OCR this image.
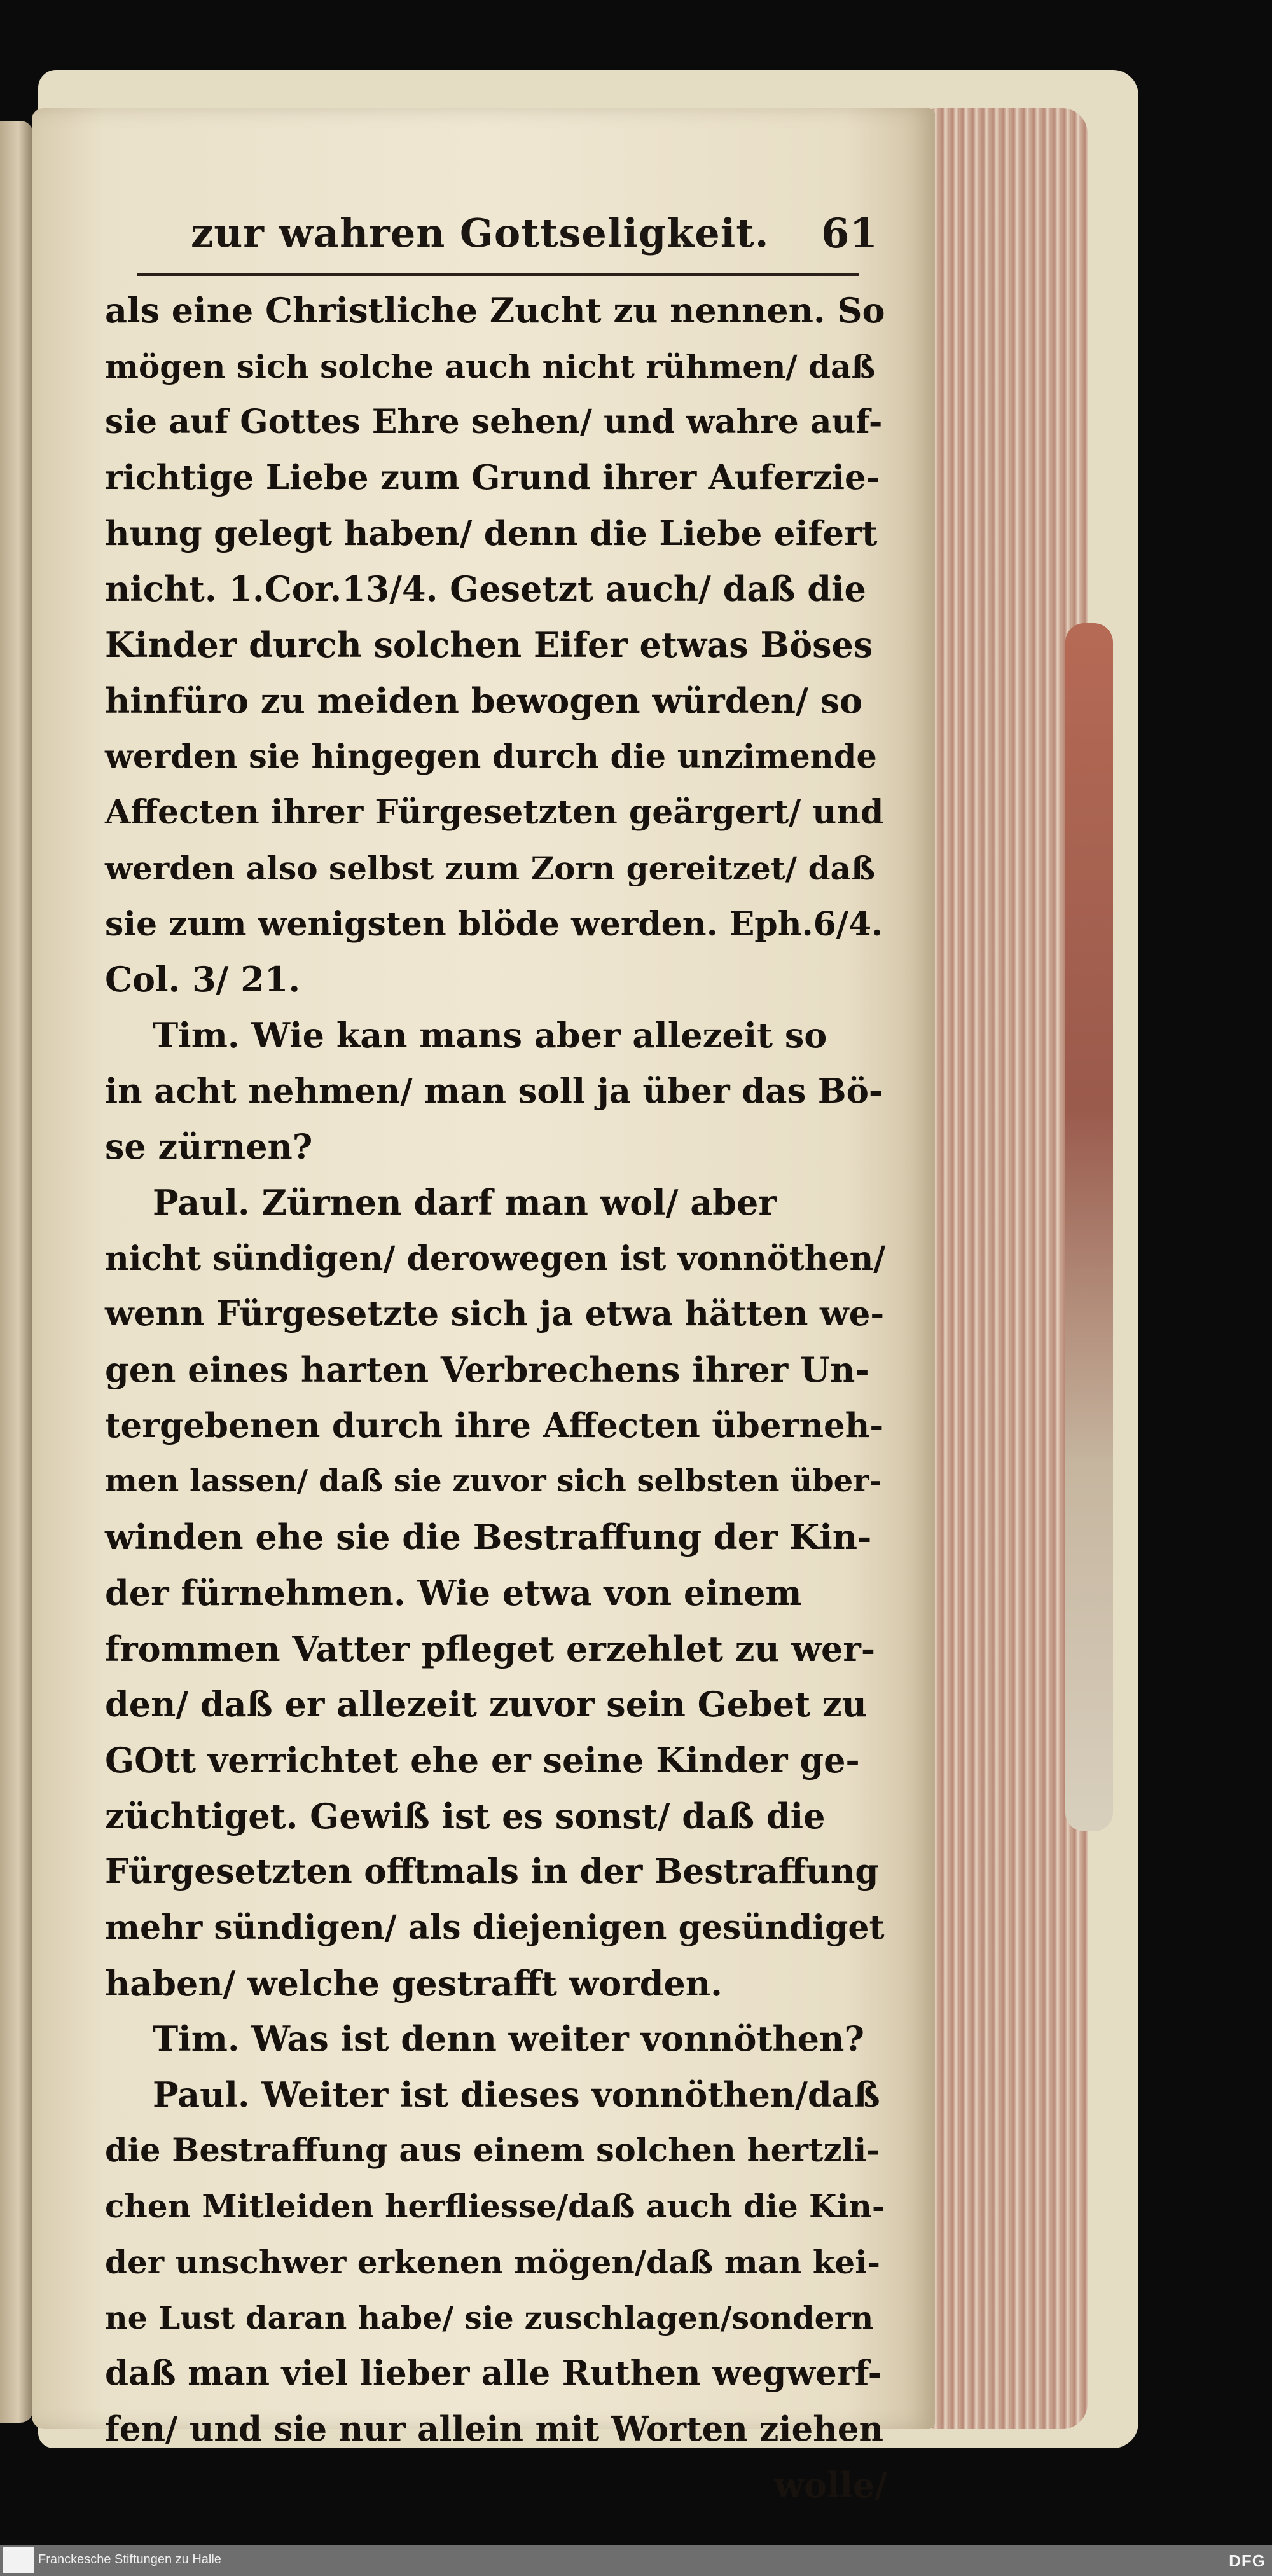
zur wahren Gottseligkeit. 61
als eine Christliche Zucht zu nennen. So
mögen sich solche auch nicht rühmen/ daß
sie auf Gottes Ehre sehen/ und wahre auf-
richtige Liebe zum Grund ihrer Auferzie-
hung gelegt haben/ denn die Liebe eifert
nicht. 1.Cor.13/4. Gesetzt auch/ daß die
Kinder durch solchen Eifer etwas Böses
hinfüro zu meiden bewogen würden/ so
werden sie hingegen durch die unzimende
Affecten ihrer Fürgesetzten geärgert/ und
werden also selbst zum Zorn gereitzet/ daß
sie zum wenigsten blöde werden. Eph.6/4.
Col. 3/ 21.
Tim. Wie kan mans aber allezeit so
in acht nehmen/ man soll ja über das Bö-
se zürnen?
Paul. Zürnen darf man wol/ aber
nicht sündigen/ derowegen ist vonnöthen/
wenn Fürgesetzte sich ja etwa hätten we-
gen eines harten Verbrechens ihrer Un-
tergebenen durch ihre Affecten überneh-
men lassen/ daß sie zuvor sich selbsten über-
winden ehe sie die Bestraffung der Kin-
der fürnehmen. Wie etwa von einem
frommen Vatter pfleget erzehlet zu wer-
den/ daß er allezeit zuvor sein Gebet zu
GOtt verrichtet ehe er seine Kinder ge-
züchtiget. Gewiß ist es sonst/ daß die
Fürgesetzten offtmals in der Bestraffung
mehr sündigen/ als diejenigen gesündiget
haben/ welche gestrafft worden.
Tim. Was ist denn weiter vonnöthen?
Paul. Weiter ist dieses vonnöthen/daß
die Bestraffung aus einem solchen hertzli-
chen Mitleiden herfliesse/daß auch die Kin-
der unschwer erkenen mögen/daß man kei-
ne Lust daran habe/ sie zuschlagen/sondern
daß man viel lieber alle Ruthen wegwerf-
fen/ und sie nur allein mit Worten ziehen
wolle/
Franckesche Stiftungen zu Halle	DFG
